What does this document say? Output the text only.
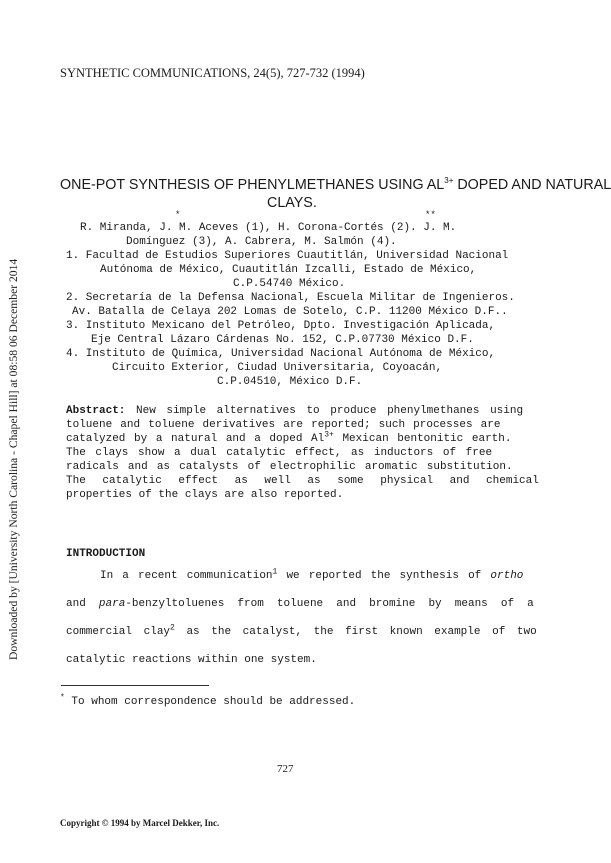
SYNTHETIC COMMUNICATIONS, 24(5), 727-732 (1994)
Downloaded by [University North Carolina - Chapel Hill] at 08:58 06 December 2014
ONE-POT SYNTHESIS OF PHENYLMETHANES USING $AL^{3+}$ DOPED AND NATURAL
CLAYS.
*	**
R. Miranda, J. M. Aceves (1), H. Corona-Cortés (2). J. M.
Domínguez (3), A. Cabrera, M. Salmón (4).
1. Facultad de Estudios Superiores Cuautitlán, Universidad Nacional
Autónoma de México, Cuautitlán Izcalli, Estado de México,
C.P.54740 México.
2. Secretaría de la Defensa Nacional, Escuela Militar de Ingenieros.
Av. Batalla de Celaya 202 Lomas de Sotelo, C.P. 11200 México D.F..
3. Instituto Mexicano del Petróleo, Dpto. Investigación Aplicada,
Eje Central Lázaro Cárdenas No. 152, C.P.07730 México D.F.
4. Instituto de Química, Universidad Nacional Autónoma de México,
Circuito Exterior, Ciudad Universitaria, Coyoacán,
C.P.04510, México D.F.
Abstract: New simple alternatives to produce phenylmethanes using
toluene and toluene derivatives are reported; such processes are
catalyzed by a natural and a doped $Al^{3+}$ Mexican bentonitic earth.
The clays show a dual catalytic effect, as inductors of free
radicals and as catalysts of electrophilic aromatic substitution.
The catalytic effect as well as some physical and chemical
properties of the clays are also reported.
INTRODUCTION
In a recent communication$^1$ we reported the synthesis of ortho
and para-benzyltoluenes from toluene and bromine by means of a
commercial clay$^2$ as the catalyst, the first known example of two
catalytic reactions within one system.
* To whom correspondence should be addressed.
727
Copyright © 1994 by Marcel Dekker, Inc.
